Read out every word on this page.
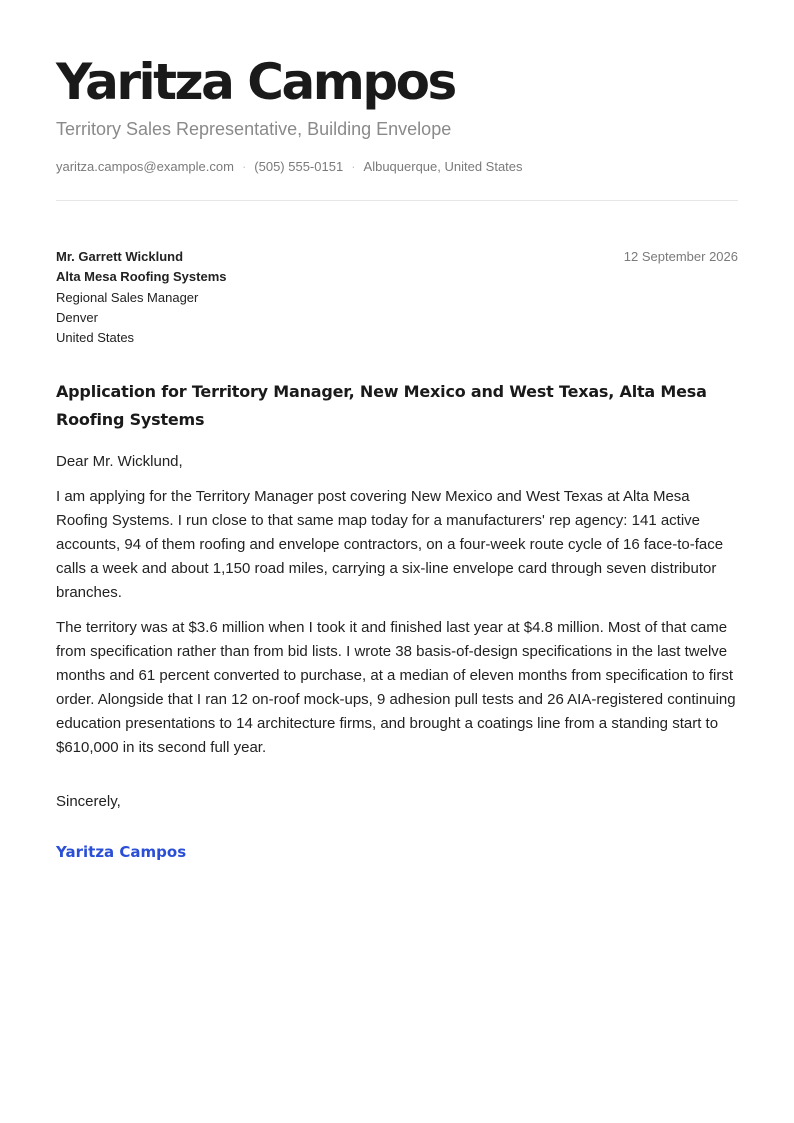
Yaritza Campos
Territory Sales Representative, Building Envelope
yaritza.campos@example.com · (505) 555-0151 · Albuquerque, United States
Mr. Garrett Wicklund
Alta Mesa Roofing Systems
Regional Sales Manager
Denver
United States
12 September 2026
Application for Territory Manager, New Mexico and West Texas, Alta Mesa Roofing Systems
Dear Mr. Wicklund,
I am applying for the Territory Manager post covering New Mexico and West Texas at Alta Mesa Roofing Systems. I run close to that same map today for a manufacturers' rep agency: 141 active accounts, 94 of them roofing and envelope contractors, on a four-week route cycle of 16 face-to-face calls a week and about 1,150 road miles, carrying a six-line envelope card through seven distributor branches.
The territory was at $3.6 million when I took it and finished last year at $4.8 million. Most of that came from specification rather than from bid lists. I wrote 38 basis-of-design specifications in the last twelve months and 61 percent converted to purchase, at a median of eleven months from specification to first order. Alongside that I ran 12 on-roof mock-ups, 9 adhesion pull tests and 26 AIA-registered continuing education presentations to 14 architecture firms, and brought a coatings line from a standing start to $610,000 in its second full year.
Sincerely,
Yaritza Campos
